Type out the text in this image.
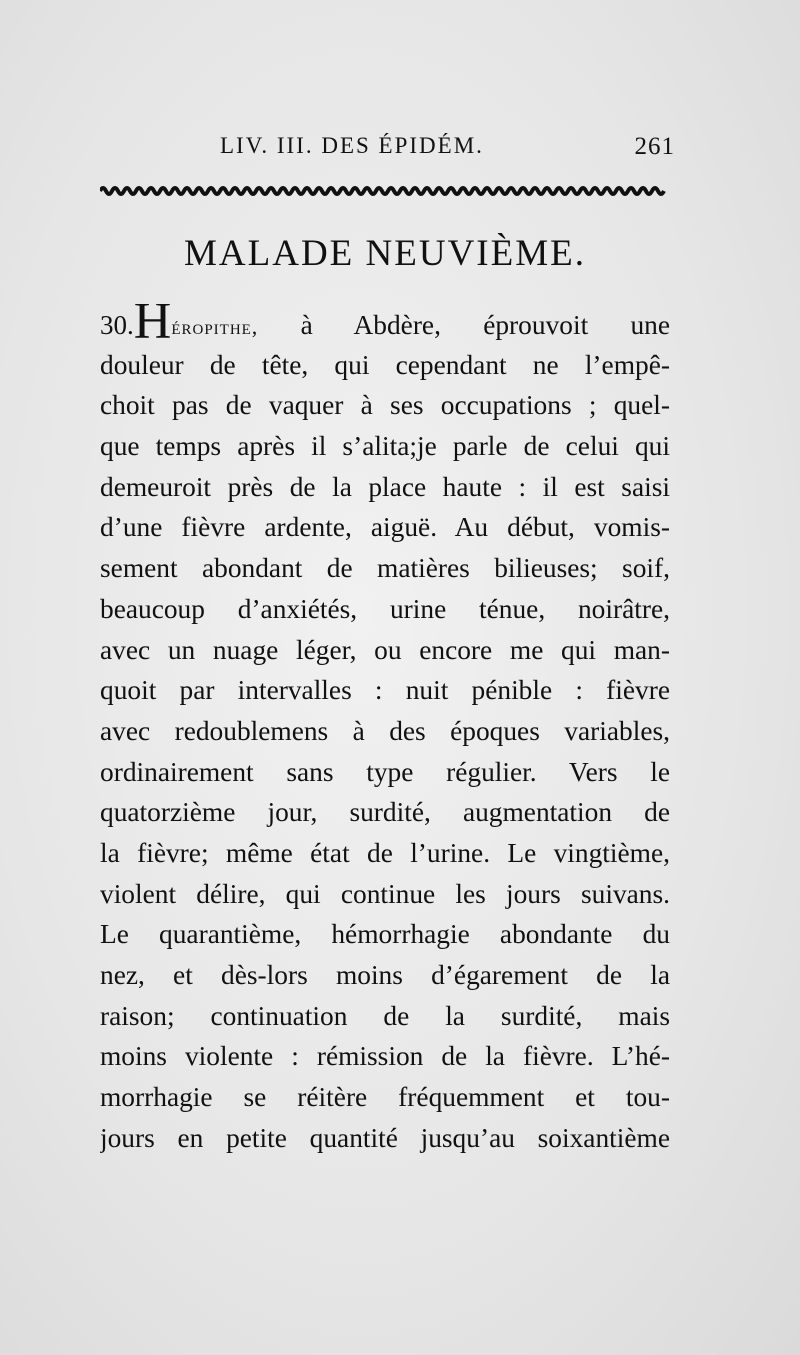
LIV. III. DES ÉPIDÉM.	261
MALADE NEUVIÈME.
30.Héropithe, à Abdère, éprouvoit une
douleur de tête, qui cependant ne l’empê-
choit pas de vaquer à ses occupations ; quel-
que temps après il s’alita;je parle de celui qui
demeuroit près de la place haute : il est saisi
d’une fièvre ardente, aiguë. Au début, vomis-
sement abondant de matières bilieuses; soif,
beaucoup d’anxiétés, urine ténue, noirâtre,
avec un nuage léger, ou encore me qui man-
quoit par intervalles : nuit pénible : fièvre
avec redoublemens à des époques variables,
ordinairement sans type régulier. Vers le
quatorzième jour, surdité, augmentation de
la fièvre; même état de l’urine. Le vingtième,
violent délire, qui continue les jours suivans.
Le quarantième, hémorrhagie abondante du
nez, et dès-lors moins d’égarement de la
raison; continuation de la surdité, mais
moins violente : rémission de la fièvre. L’hé-
morrhagie se réitère fréquemment et tou-
jours en petite quantité jusqu’au soixantième
